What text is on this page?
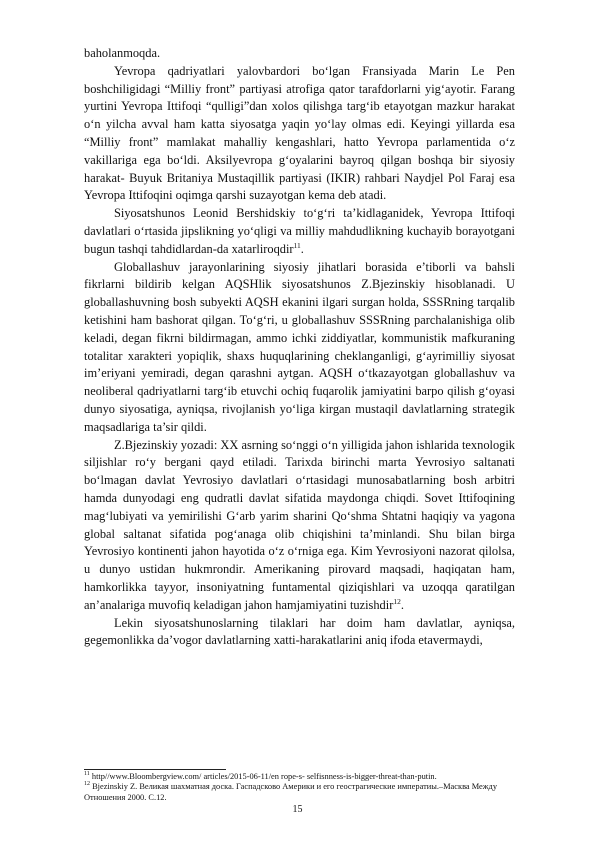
baholanmoqda.

Yevropa qadriyatlari yalovbardori bo‘lgan Fransiyada Marin Le Pen boshchiligidagi “Milliy front” partiyasi atrofiga qator tarafdorlarni yig‘ayotir. Farang yurtini Yevropa Ittifoqi “qulligi”dan xolos qilishga targ‘ib etayotgan mazkur harakat o‘n yilcha avval ham katta siyosatga yaqin yo‘lay olmas edi. Keyingi yillarda esa “Milliy front” mamlakat mahalliy kengashlari, hatto Yevropa parlamentida o‘z vakillariga ega bo‘ldi. Aksilyevropa g‘oyalarini bayroq qilgan boshqa bir siyosiy harakat- Buyuk Britaniya Mustaqillik partiyasi (IKIR) rahbari Naydjel Pol Faraj esa Yevropa Ittifoqini oqimga qarshi suzayotgan kema deb atadi.

Siyosatshunos Leonid Bershidskiy to‘g‘ri ta’kidlaganidek, Yevropa Ittifoqi davlatlari o‘rtasida jipslikning yo‘qligi va milliy mahdudlikning kuchayib borayotgani bugun tashqi tahdidlardan-da xatarliroqdir$^{11}$.

Globallashuv jarayonlarining siyosiy jihatlari borasida e’tiborli va bahsli fikrlarni bildirib kelgan AQSHlik siyosatshunos Z.Bjezinskiy hisoblanadi. U globallashuvning bosh subyekti AQSH ekanini ilgari surgan holda, SSSRning tarqalib ketishini ham bashorat qilgan. To‘g‘ri, u globallashuv SSSRning parchalanishiga olib keladi, degan fikrni bildirmagan, ammo ichki ziddiyatlar, kommunistik mafkuraning totalitar xarakteri yopiqlik, shaxs huquqlarining cheklanganligi, g‘ayrimilliy siyosat im’eriyani yemiradi, degan qarashni aytgan. AQSH o‘tkazayotgan globallashuv va neoliberal qadriyatlarni targ‘ib etuvchi ochiq fuqarolik jamiyatini barpo qilish g‘oyasi dunyo siyosatiga, ayniqsa, rivojlanish yo‘liga kirgan mustaqil davlatlarning strategik maqsadlariga ta’sir qildi.

Z.Bjezinskiy yozadi: XX asrning so‘nggi o‘n yilligida jahon ishlarida texnologik siljishlar ro‘y bergani qayd etiladi. Tarixda birinchi marta Yevrosiyo saltanati bo‘lmagan davlat Yevrosiyo davlatlari o‘rtasidagi munosabatlarning bosh arbitri hamda dunyodagi eng qudratli davlat sifatida maydonga chiqdi. Sovet Ittifoqining mag‘lubiyati va yemirilishi G‘arb yarim sharini Qo‘shma Shtatni haqiqiy va yagona global saltanat sifatida pog‘anaga olib chiqishini ta’minlandi. Shu bilan birga Yevrosiyo kontinenti jahon hayotida o‘z o‘rniga ega. Kim Yevrosiyoni nazorat qilolsa, u dunyo ustidan hukmrondir. Amerikaning pirovard maqsadi, haqiqatan ham, hamkorlikka tayyor, insoniyatning funtamental qiziqishlari va uzoqqa qaratilgan an’analariga muvofiq keladigan jahon hamjamiyatini tuzishdir$^{12}$.

Lekin siyosatshunoslarning tilaklari har doim ham davlatlar, ayniqsa, gegemonlikka da’vogor davlatlarning xatti-harakatlarini aniq ifoda etavermaydi,

$^{11}$ http//www.Bloombergview.com/ articles/2015-06-11/en rope-s- selfisnness-is-bigger-threat-than-putin.
$^{12}$ Bjezinskiy Z. Великая шахматная доска. Гаспадсково Америки и его геострагические императиы.–Масква Между Отношения 2000. С.12.
15
